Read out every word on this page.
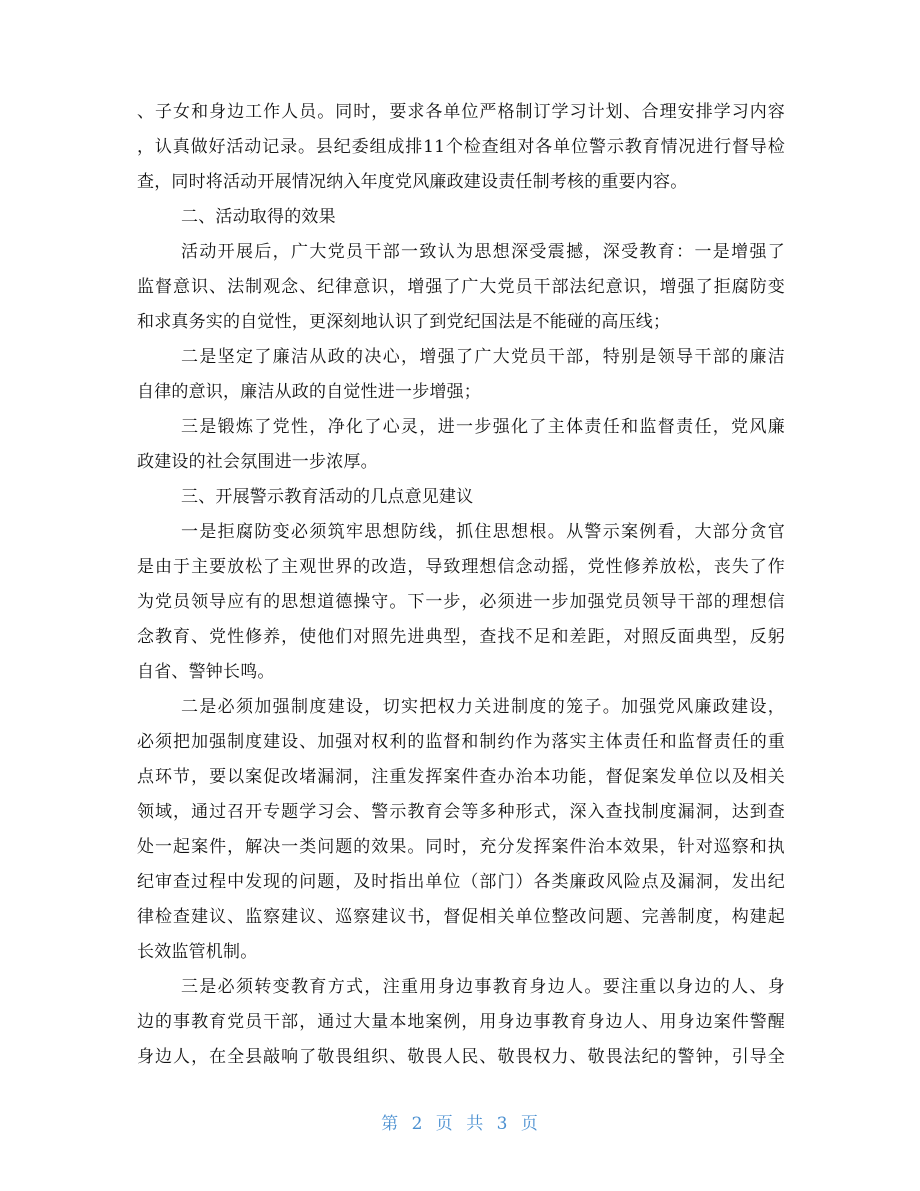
、子女和身边工作人员。同时，要求各单位严格制订学习计划、合理安排学习内容
，认真做好活动记录。县纪委组成排11个检查组对各单位警示教育情况进行督导检
查，同时将活动开展情况纳入年度党风廉政建设责任制考核的重要内容。
二、活动取得的效果
活动开展后，广大党员干部一致认为思想深受震撼，深受教育：一是增强了
监督意识、法制观念、纪律意识，增强了广大党员干部法纪意识，增强了拒腐防变
和求真务实的自觉性，更深刻地认识了到党纪国法是不能碰的高压线；
二是坚定了廉洁从政的决心，增强了广大党员干部，特别是领导干部的廉洁
自律的意识，廉洁从政的自觉性进一步增强；
三是锻炼了党性，净化了心灵，进一步强化了主体责任和监督责任，党风廉
政建设的社会氛围进一步浓厚。
三、开展警示教育活动的几点意见建议
一是拒腐防变必须筑牢思想防线，抓住思想根。从警示案例看，大部分贪官
是由于主要放松了主观世界的改造，导致理想信念动摇，党性修养放松，丧失了作
为党员领导应有的思想道德操守。下一步，必须进一步加强党员领导干部的理想信
念教育、党性修养，使他们对照先进典型，查找不足和差距，对照反面典型，反躬
自省、警钟长鸣。
二是必须加强制度建设，切实把权力关进制度的笼子。加强党风廉政建设，
必须把加强制度建设、加强对权利的监督和制约作为落实主体责任和监督责任的重
点环节，要以案促改堵漏洞，注重发挥案件查办治本功能，督促案发单位以及相关
领域，通过召开专题学习会、警示教育会等多种形式，深入查找制度漏洞，达到查
处一起案件，解决一类问题的效果。同时，充分发挥案件治本效果，针对巡察和执
纪审查过程中发现的问题，及时指出单位（部门）各类廉政风险点及漏洞，发出纪
律检查建议、监察建议、巡察建议书，督促相关单位整改问题、完善制度，构建起
长效监管机制。
三是必须转变教育方式，注重用身边事教育身边人。要注重以身边的人、身
边的事教育党员干部，通过大量本地案例，用身边事教育身边人、用身边案件警醒
身边人，在全县敲响了敬畏组织、敬畏人民、敬畏权力、敬畏法纪的警钟，引导全
第 2 页 共 3 页
